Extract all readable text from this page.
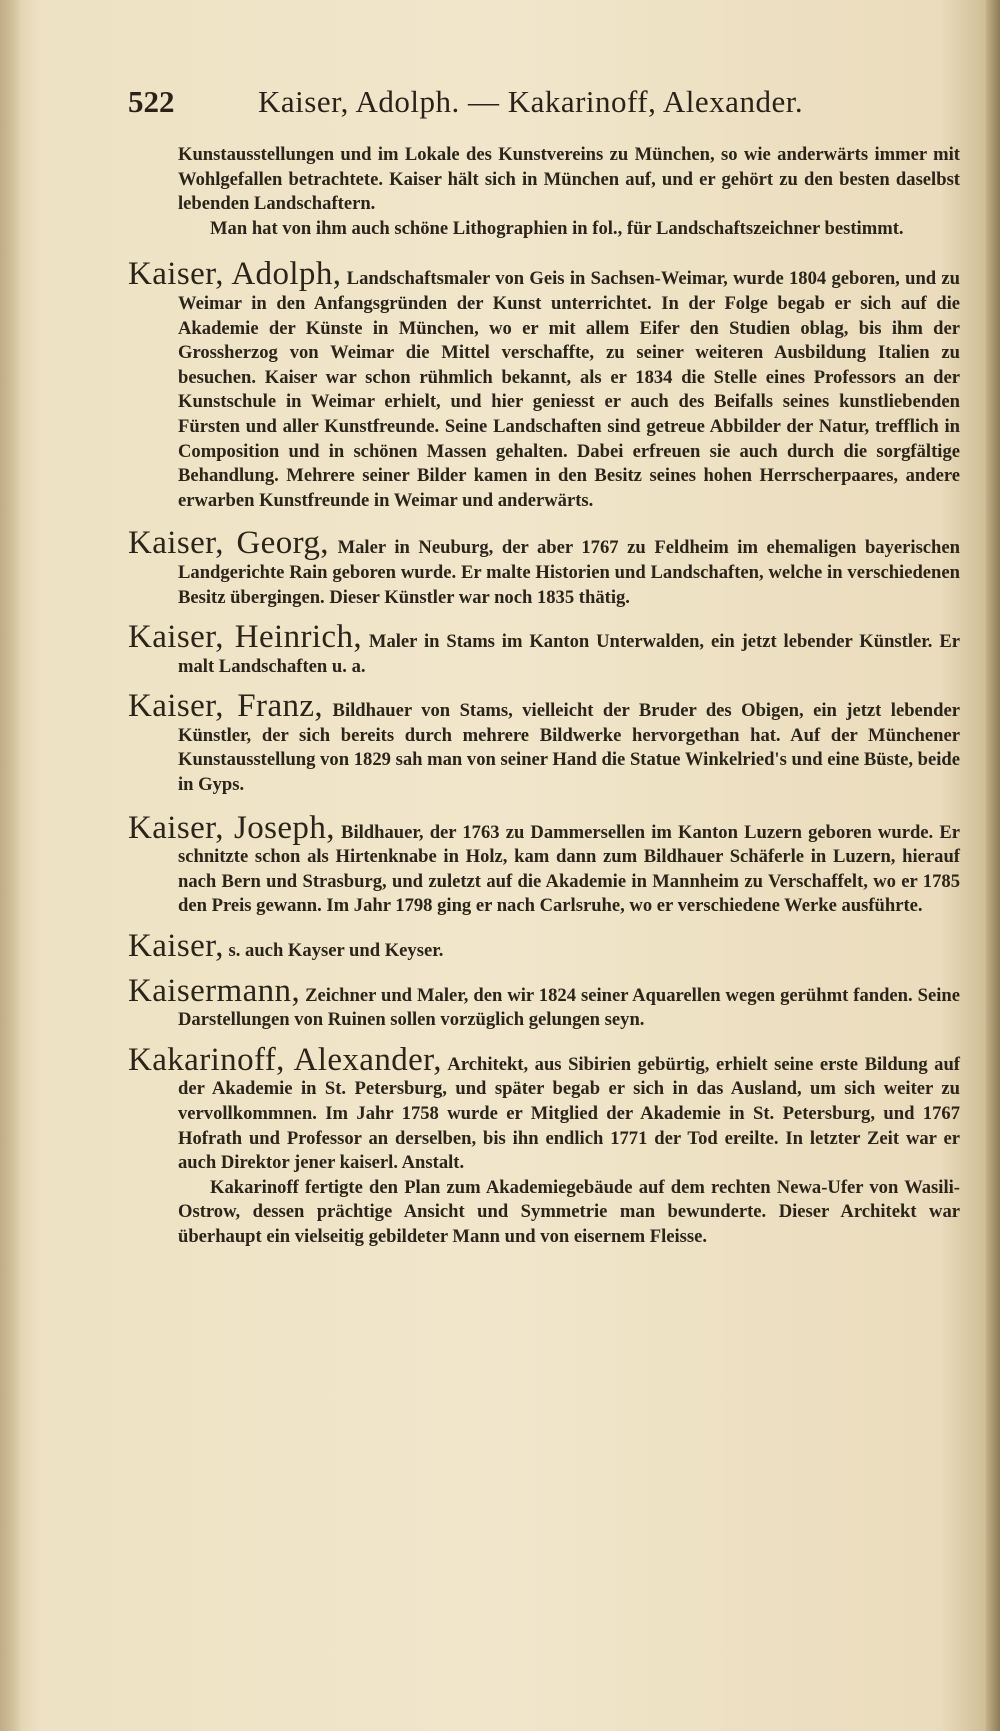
522	Kaiser, Adolph. — Kakarinoff, Alexander.

Kunstausstellungen und im Lokale des Kunstvereins zu München, so wie anderwärts immer mit Wohlgefallen betrachtete. Kaiser hält sich in München auf, und er gehört zu den besten daselbst lebenden Landschaftern.

Man hat von ihm auch schöne Lithographien in fol., für Landschaftszeichner bestimmt.

Kaiser, Adolph, Landschaftsmaler von Geis in Sachsen-Weimar, wurde 1804 geboren, und zu Weimar in den Anfangsgründen der Kunst unterrichtet. In der Folge begab er sich auf die Akademie der Künste in München, wo er mit allem Eifer den Studien oblag, bis ihm der Grossherzog von Weimar die Mittel verschaffte, zu seiner weiteren Ausbildung Italien zu besuchen. Kaiser war schon rühmlich bekannt, als er 1834 die Stelle eines Professors an der Kunstschule in Weimar erhielt, und hier geniesst er auch des Beifalls seines kunstliebenden Fürsten und aller Kunstfreunde. Seine Landschaften sind getreue Abbilder der Natur, trefflich in Composition und in schönen Massen gehalten. Dabei erfreuen sie auch durch die sorgfältige Behandlung. Mehrere seiner Bilder kamen in den Besitz seines hohen Herrscherpaares, andere erwarben Kunstfreunde in Weimar und anderwärts.

Kaiser, Georg, Maler in Neuburg, der aber 1767 zu Feldheim im ehemaligen bayerischen Landgerichte Rain geboren wurde. Er malte Historien und Landschaften, welche in verschiedenen Besitz übergingen. Dieser Künstler war noch 1835 thätig.

Kaiser, Heinrich, Maler in Stams im Kanton Unterwalden, ein jetzt lebender Künstler. Er malt Landschaften u. a.

Kaiser, Franz, Bildhauer von Stams, vielleicht der Bruder des Obigen, ein jetzt lebender Künstler, der sich bereits durch mehrere Bildwerke hervorgethan hat. Auf der Münchener Kunstausstellung von 1829 sah man von seiner Hand die Statue Winkelried's und eine Büste, beide in Gyps.

Kaiser, Joseph, Bildhauer, der 1763 zu Dammersellen im Kanton Luzern geboren wurde. Er schnitzte schon als Hirtenknabe in Holz, kam dann zum Bildhauer Schäferle in Luzern, hierauf nach Bern und Strasburg, und zuletzt auf die Akademie in Mannheim zu Verschaffelt, wo er 1785 den Preis gewann. Im Jahr 1798 ging er nach Carlsruhe, wo er verschiedene Werke ausführte.

Kaiser, s. auch Kayser und Keyser.

Kaisermann, Zeichner und Maler, den wir 1824 seiner Aquarellen wegen gerühmt fanden. Seine Darstellungen von Ruinen sollen vorzüglich gelungen seyn.

Kakarinoff, Alexander, Architekt, aus Sibirien gebürtig, erhielt seine erste Bildung auf der Akademie in St. Petersburg, und später begab er sich in das Ausland, um sich weiter zu vervollkommnen. Im Jahr 1758 wurde er Mitglied der Akademie in St. Petersburg, und 1767 Hofrath und Professor an derselben, bis ihn endlich 1771 der Tod ereilte. In letzter Zeit war er auch Direktor jener kaiserl. Anstalt.

Kakarinoff fertigte den Plan zum Akademiegebäude auf dem rechten Newa-Ufer von Wasili-Ostrow, dessen prächtige Ansicht und Symmetrie man bewunderte. Dieser Architekt war überhaupt ein vielseitig gebildeter Mann und von eisernem Fleisse.
